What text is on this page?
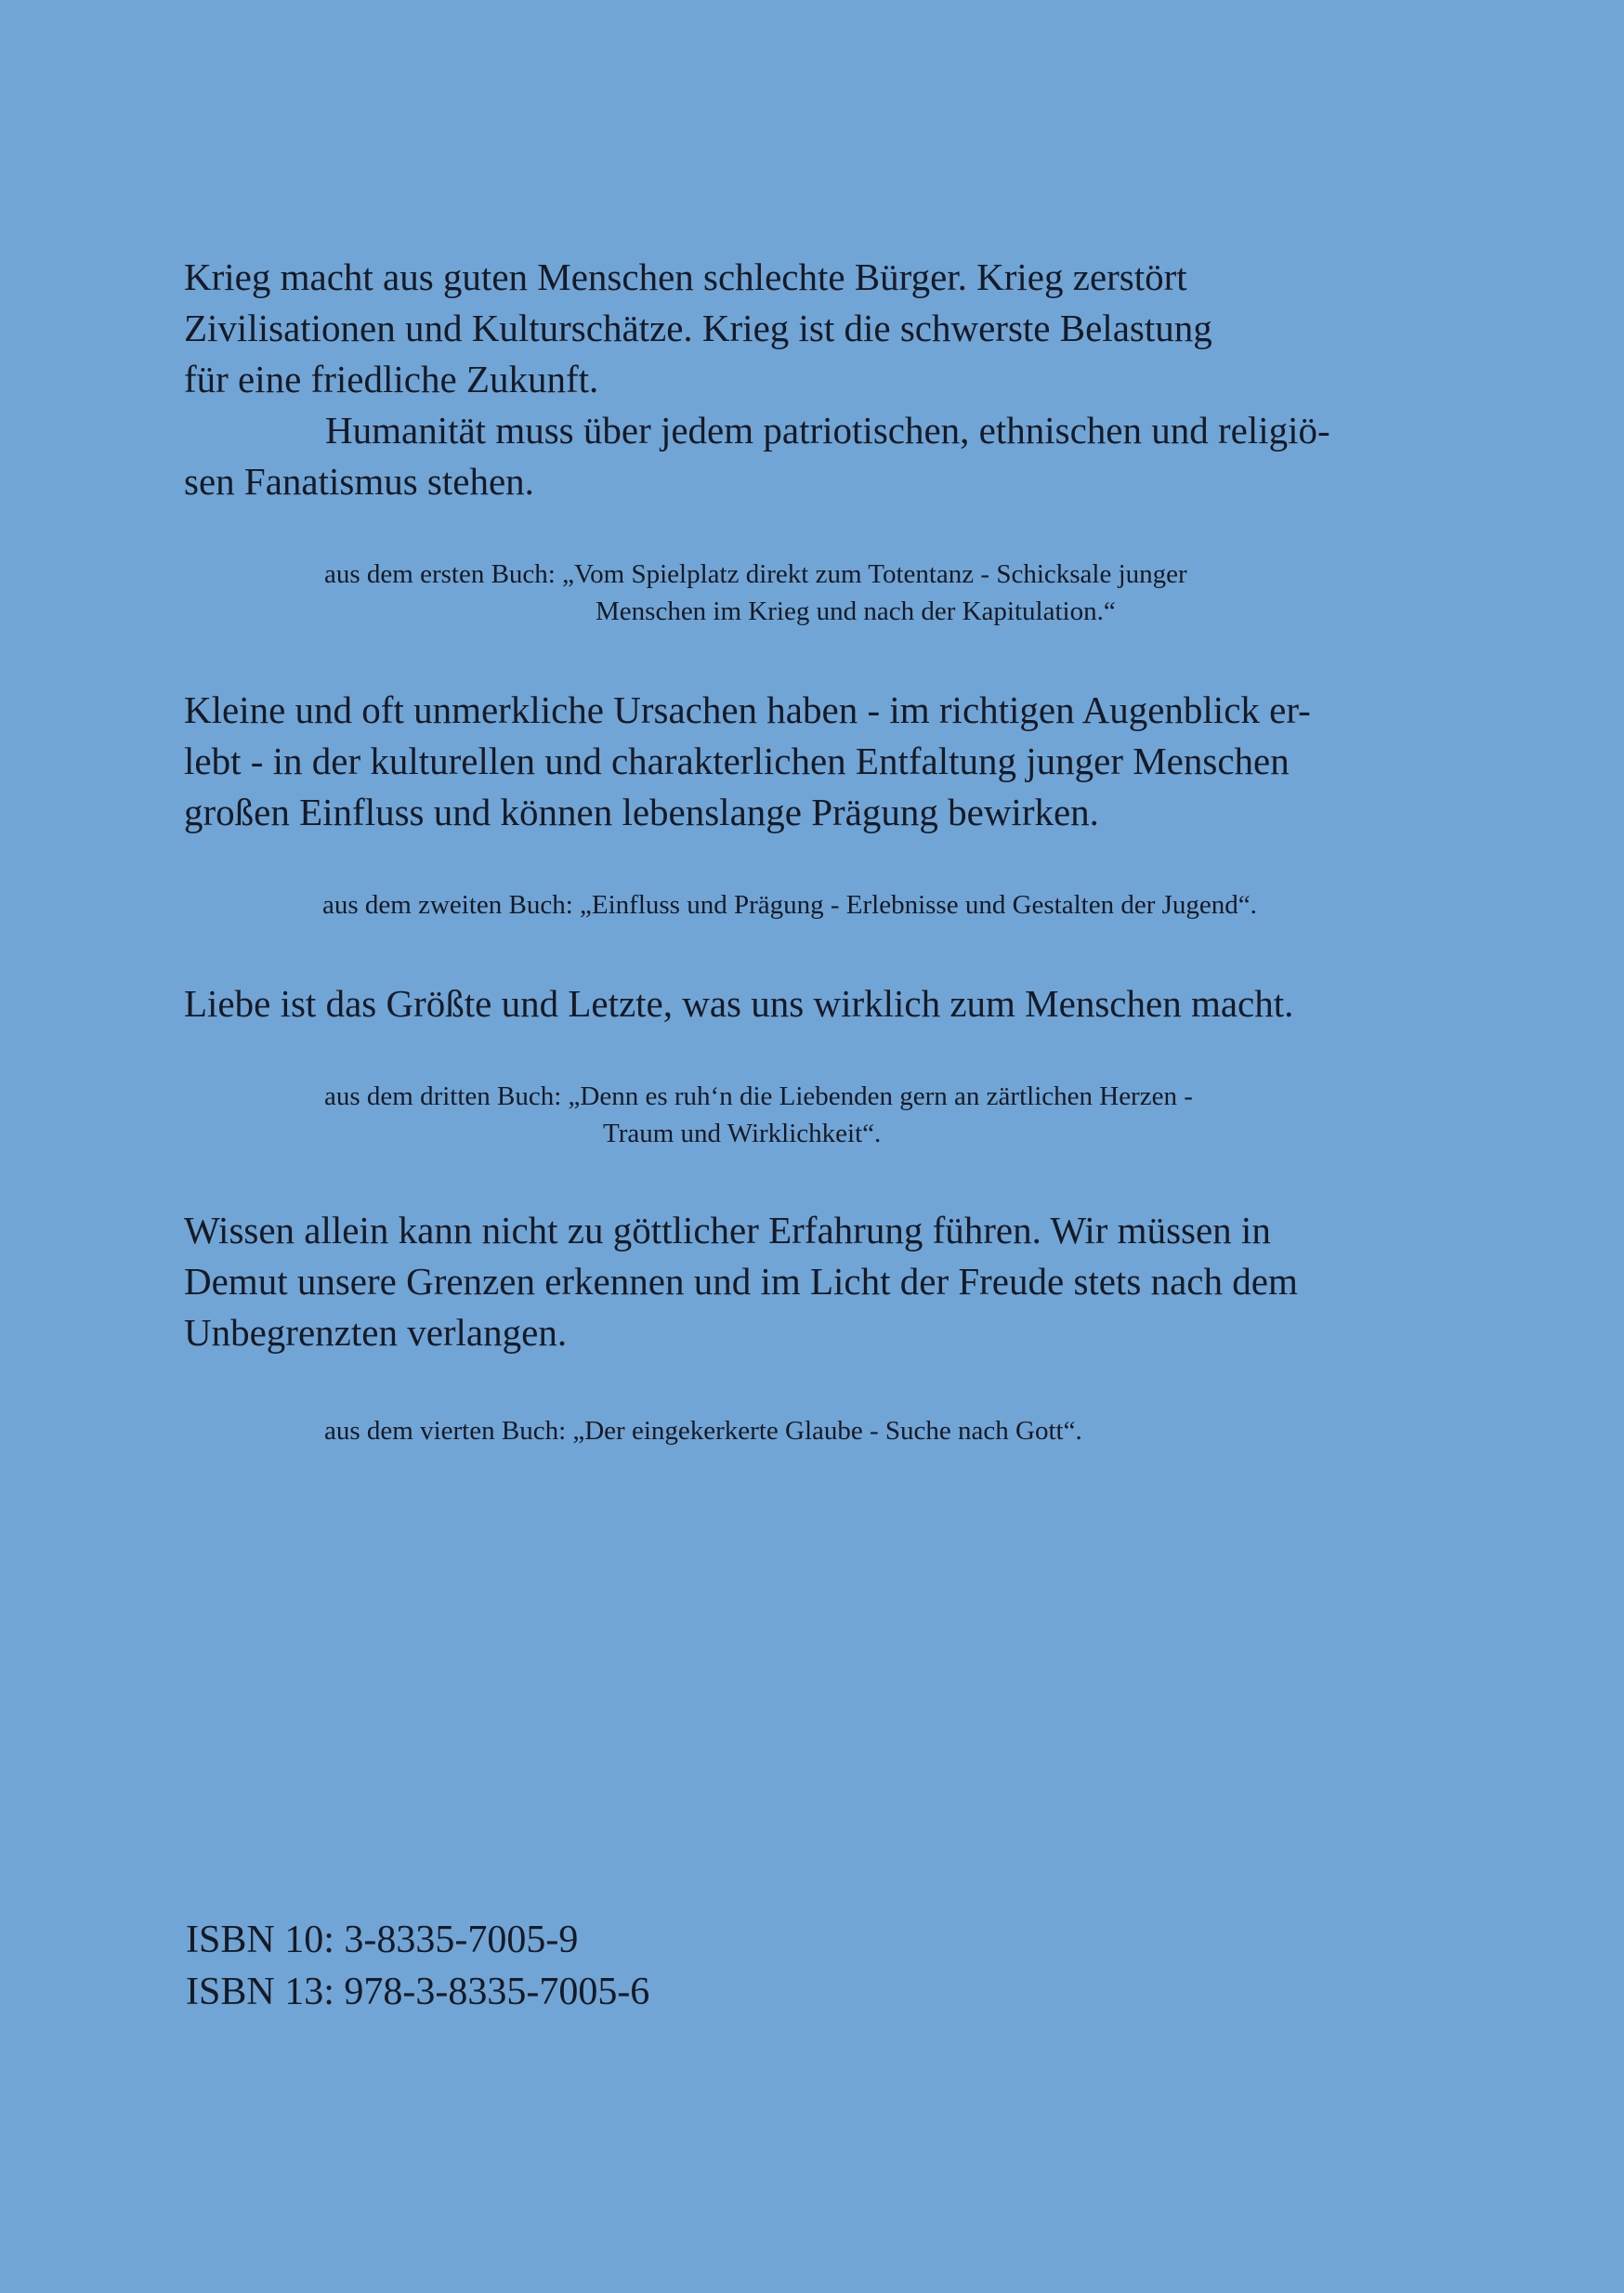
Krieg macht aus guten Menschen schlechte Bürger. Krieg zerstört
Zivilisationen und Kulturschätze. Krieg ist die schwerste Belastung
für eine friedliche Zukunft.
Humanität muss über jedem patriotischen, ethnischen und religiö-
sen Fanatismus stehen.
aus dem ersten Buch: „Vom Spielplatz direkt zum Totentanz - Schicksale junger
Menschen im Krieg und nach der Kapitulation.“
Kleine und oft unmerkliche Ursachen haben - im richtigen Augenblick er-
lebt - in der kulturellen und charakterlichen Entfaltung junger Menschen
großen Einfluss und können lebenslange Prägung bewirken.
aus dem zweiten Buch: „Einfluss und Prägung - Erlebnisse und Gestalten der Jugend“.
Liebe ist das Größte und Letzte, was uns wirklich zum Menschen macht.
aus dem dritten Buch: „Denn es ruh‘n die Liebenden gern an zärtlichen Herzen -
Traum und Wirklichkeit“.
Wissen allein kann nicht zu göttlicher Erfahrung führen. Wir müssen in
Demut unsere Grenzen erkennen und im Licht der Freude stets nach dem
Unbegrenzten verlangen.
aus dem vierten Buch: „Der eingekerkerte Glaube - Suche nach Gott“.
ISBN 10: 3-8335-7005-9
ISBN 13: 978-3-8335-7005-6
